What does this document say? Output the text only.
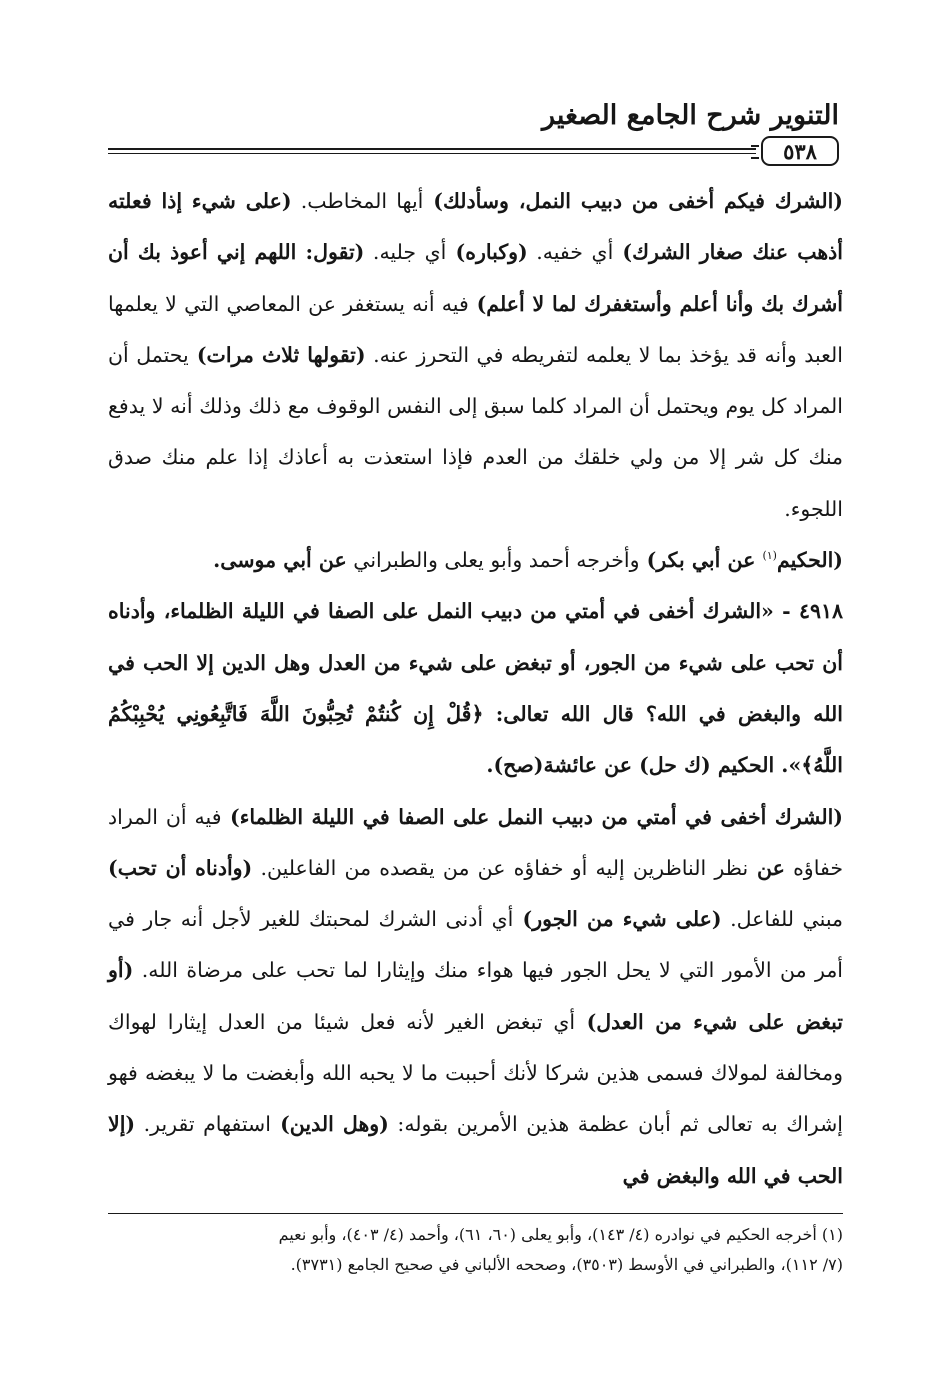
التنوير شرح الجامع الصغير
٥٣٨

(الشرك فيكم أخفى من دبيب النمل، وسأدلك) أيها المخاطب. (على شيء إذا فعلته أذهب عنك صغار الشرك) أي خفيه. (وكباره) أي جليه. (تقول: اللهم إني أعوذ بك أن أشرك بك وأنا أعلم وأستغفرك لما لا أعلم) فيه أنه يستغفر عن المعاصي التي لا يعلمها العبد وأنه قد يؤخذ بما لا يعلمه لتفريطه في التحرز عنه. (تقولها ثلاث مرات) يحتمل أن المراد كل يوم ويحتمل أن المراد كلما سبق إلى النفس الوقوف مع ذلك وذلك أنه لا يدفع منك كل شر إلا من ولي خلقك من العدم فإذا استعذت به أعاذك إذا علم منك صدق اللجوء.

(الحكيم$^{(١)}$ عن أبي بكر) وأخرجه أحمد وأبو يعلى والطبراني عن أبي موسى.

٤٩١٨ - «الشرك أخفى في أمتي من دبيب النمل على الصفا في الليلة الظلماء، وأدناه أن تحب على شيء من الجور، أو تبغض على شيء من العدل وهل الدين إلا الحب في الله والبغض في الله؟ قال الله تعالى: ﴿قُلْ إِن كُنتُمْ تُحِبُّونَ اللَّهَ فَاتَّبِعُونِي يُحْبِبْكُمُ اللَّهُ﴾». الحكيم (ك حل) عن عائشة(صح).

(الشرك أخفى في أمتي من دبيب النمل على الصفا في الليلة الظلماء) فيه أن المراد خفاؤه عن نظر الناظرين إليه أو خفاؤه عن من يقصده من الفاعلين. (وأدناه أن تحب) مبني للفاعل. (على شيء من الجور) أي أدنى الشرك لمحبتك للغير لأجل أنه جار في أمر من الأمور التي لا يحل الجور فيها هواء منك وإيثارا لما تحب على مرضاة الله. (أو تبغض على شيء من العدل) أي تبغض الغير لأنه فعل شيئا من العدل إيثارا لهواك ومخالفة لمولاك فسمى هذين شركا لأنك أحببت ما لا يحبه الله وأبغضت ما لا يبغضه فهو إشراك به تعالى ثم أبان عظمة هذين الأمرين بقوله: (وهل الدين) استفهام تقرير. (إلا الحب في الله والبغض في

(١) أخرجه الحكيم في نوادره (٤/ ١٤٣)، وأبو يعلى (٦٠، ٦١)، وأحمد (٤/ ٤٠٣)، وأبو نعيم

(٧/ ١١٢)، والطبراني في الأوسط (٣٥٠٣)، وصححه الألباني في صحيح الجامع (٣٧٣١).
